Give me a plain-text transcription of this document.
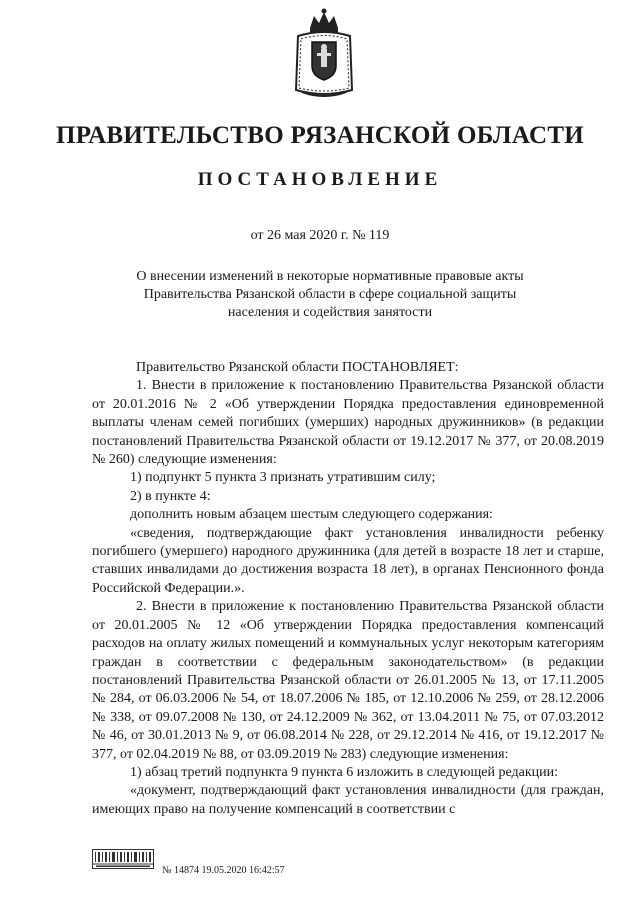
ПРАВИТЕЛЬСТВО РЯЗАНСКОЙ ОБЛАСТИ
ПОСТАНОВЛЕНИЕ
от 26 мая 2020 г. № 119
О внесении изменений в некоторые нормативные правовые акты Правительства Рязанской области в сфере социальной защиты населения и содействия занятости

Правительство Рязанской области ПОСТАНОВЛЯЕТ:

1. Внести в приложение к постановлению Правительства Рязанской области от 20.01.2016 № 2 «Об утверждении Порядка предоставления единовременной выплаты членам семей погибших (умерших) народных дружинников» (в редакции постановлений Правительства Рязанской области от 19.12.2017 № 377, от 20.08.2019 № 260) следующие изменения:

1) подпункт 5 пункта 3 признать утратившим силу;

2) в пункте 4:

дополнить новым абзацем шестым следующего содержания:

«сведения, подтверждающие факт установления инвалидности ребенку погибшего (умершего) народного дружинника (для детей в возрасте 18 лет и старше, ставших инвалидами до достижения возраста 18 лет), в органах Пенсионного фонда Российской Федерации.».

2. Внести в приложение к постановлению Правительства Рязанской области от 20.01.2005 № 12 «Об утверждении Порядка предоставления компенсаций расходов на оплату жилых помещений и коммунальных услуг некоторым категориям граждан в соответствии с федеральным законодательством» (в редакции постановлений Правительства Рязанской области от 26.01.2005 № 13, от 17.11.2005 № 284, от 06.03.2006 № 54, от 18.07.2006 № 185, от 12.10.2006 № 259, от 28.12.2006 № 338, от 09.07.2008 № 130, от 24.12.2009 № 362, от 13.04.2011 № 75, от 07.03.2012 № 46, от 30.01.2013 № 9, от 06.08.2014 № 228, от 29.12.2014 № 416, от 19.12.2017 № 377, от 02.04.2019 № 88, от 03.09.2019 № 283) следующие изменения:

1) абзац третий подпункта 9 пункта 6 изложить в следующей редакции:

«документ, подтверждающий факт установления инвалидности (для граждан, имеющих право на получение компенсаций в соответствии с

№ 14874 19.05.2020 16:42:57
